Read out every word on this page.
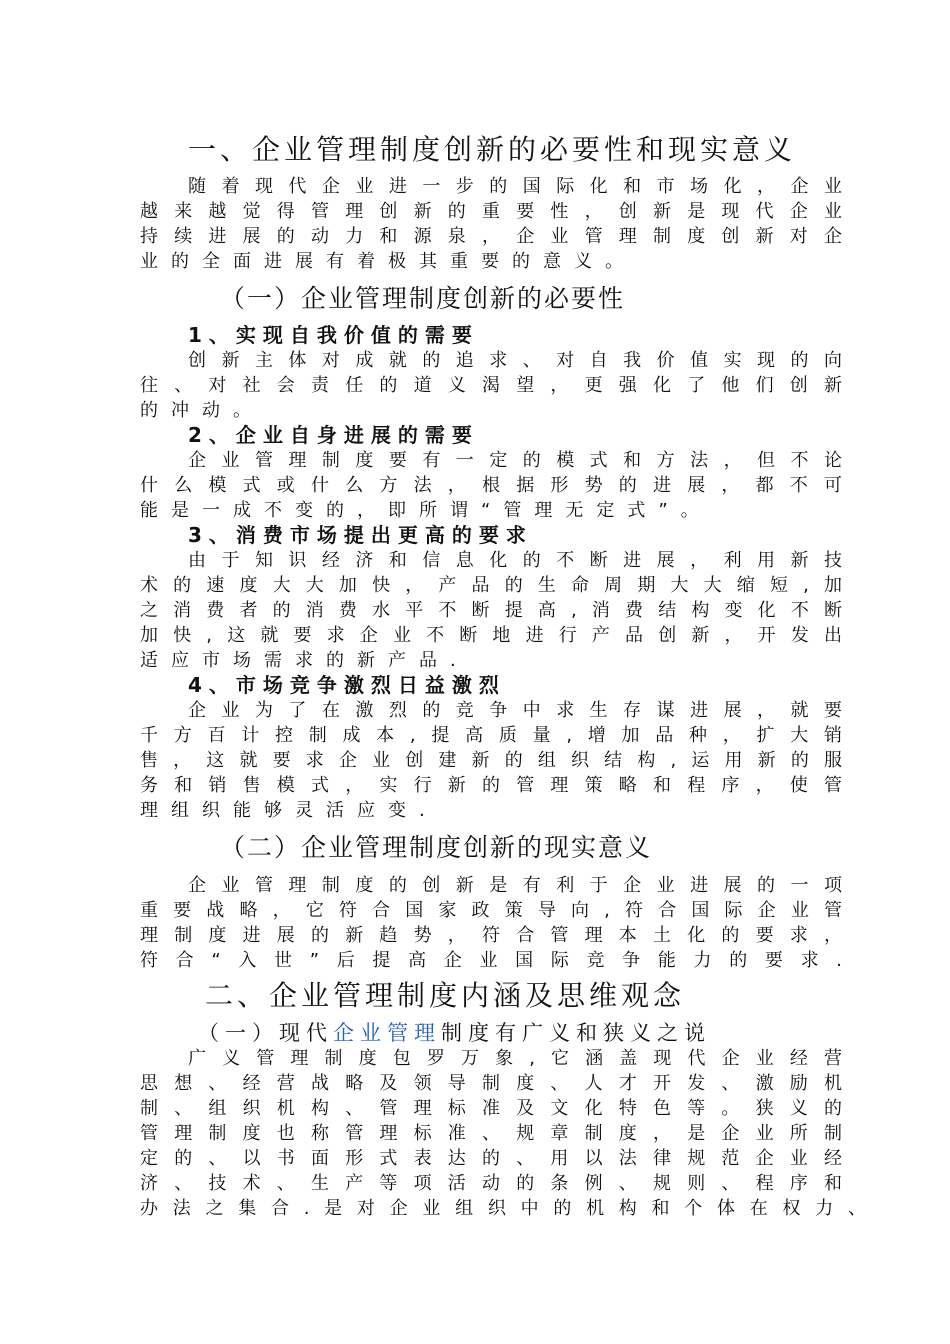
一、企业管理制度创新的必要性和现实意义
随着现代企业进一步的国际化和市场化，企业
越来越觉得管理创新的重要性，创新是现代企业
持续进展的动力和源泉，企业管理制度创新对企
业的全面进展有着极其重要的意义。
（一）企业管理制度创新的必要性
1、实现自我价值的需要
创新主体对成就的追求、对自我价值实现的向
往、对社会责任的道义渴望，更强化了他们创新
的冲动。
2、企业自身进展的需要
企业管理制度要有一定的模式和方法，但不论
什么模式或什么方法，根据形势的进展，都不可
能是一成不变的，即所谓“管理无定式”。
3、消费市场提出更高的要求
由于知识经济和信息化的不断进展，利用新技
术的速度大大加快，产品的生命周期大大缩短,加
之消费者的消费水平不断提高,消费结构变化不断
加快,这就要求企业不断地进行产品创新，开发出
适应市场需求的新产品.
4、市场竞争激烈日益激烈
企业为了在激烈的竞争中求生存谋进展，就要
千方百计控制成本,提高质量,增加品种，扩大销
售，这就要求企业创建新的组织结构,运用新的服
务和销售模式，实行新的管理策略和程序，使管
理组织能够灵活应变.
（二）企业管理制度创新的现实意义
企业管理制度的创新是有利于企业进展的一项
重要战略，它符合国家政策导向,符合国际企业管
理制度进展的新趋势，符合管理本土化的要求，
符合“入世”后提高企业国际竞争能力的要求.
二、企业管理制度内涵及思维观念
（一）现代企业管理制度有广义和狭义之说
广义管理制度包罗万象,它涵盖现代企业经营
思想、经营战略及领导制度、人才开发、激励机
制、组织机构、管理标准及文化特色等。狭义的
管理制度也称管理标准、规章制度，是企业所制
定的、以书面形式表达的、用以法律规范企业经
济、技术、生产等项活动的条例、规则、程序和
办法之集合.是对企业组织中的机构和个体在权力、
